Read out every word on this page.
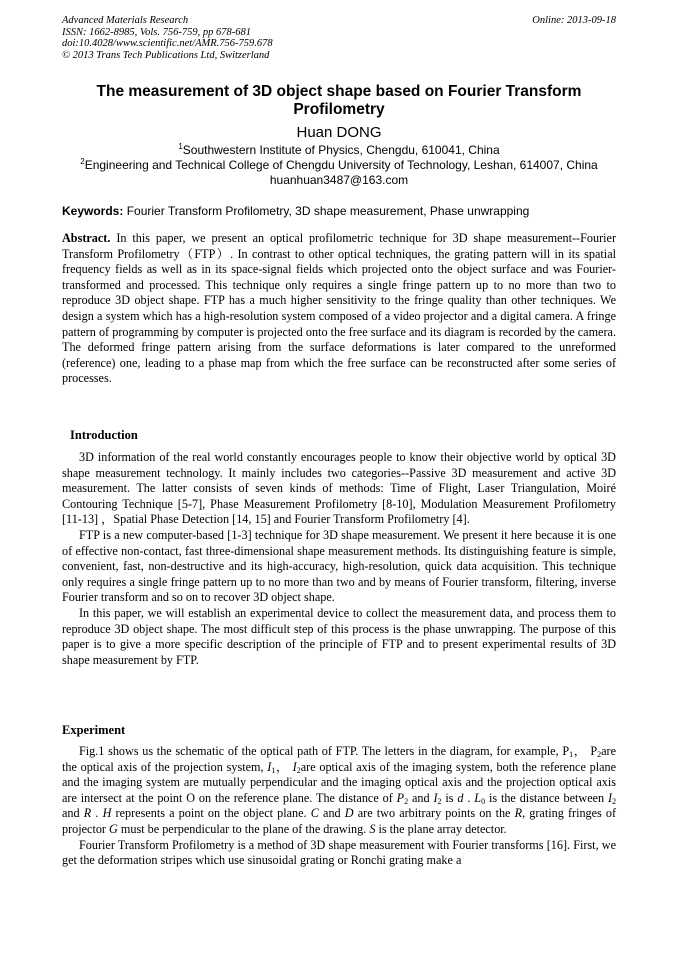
Advanced Materials Research
ISSN: 1662-8985, Vols. 756-759, pp 678-681
doi:10.4028/www.scientific.net/AMR.756-759.678
© 2013 Trans Tech Publications Ltd, Switzerland
Online: 2013-09-18
The measurement of 3D object shape based on Fourier Transform Profilometry
Huan DONG
$^1$Southwestern Institute of Physics, Chengdu, 610041, China
$^2$Engineering and Technical College of Chengdu University of Technology, Leshan, 614007, China
huanhuan3487@163.com
Keywords: Fourier Transform Profilometry, 3D shape measurement, Phase unwrapping

Abstract. In this paper, we present an optical profilometric technique for 3D shape measurement--Fourier Transform Profilometry（FTP）. In contrast to other optical techniques, the grating pattern will in its spatial frequency fields as well as in its space-signal fields which projected onto the object surface and was Fourier-transformed and processed. This technique only requires a single fringe pattern up to no more than two to reproduce 3D object shape. FTP has a much higher sensitivity to the fringe quality than other techniques. We design a system which has a high-resolution system composed of a video projector and a digital camera. A fringe pattern of programming by computer is projected onto the free surface and its diagram is recorded by the camera. The deformed fringe pattern arising from the surface deformations is later compared to the unreformed (reference) one, leading to a phase map from which the free surface can be reconstructed after some series of processes.

Introduction

3D information of the real world constantly encourages people to know their objective world by optical 3D shape measurement technology. It mainly includes two categories--Passive 3D measurement and active 3D measurement. The latter consists of seven kinds of methods: Time of Flight, Laser Triangulation, Moiré Contouring Technique [5-7], Phase Measurement Profilometry [8-10], Modulation Measurement Profilometry [11-13] ，Spatial Phase Detection [14, 15] and Fourier Transform Profilometry [4].

FTP is a new computer-based [1-3] technique for 3D shape measurement. We present it here because it is one of effective non-contact, fast three-dimensional shape measurement methods. Its distinguishing feature is simple, convenient, fast, non-destructive and its high-accuracy, high-resolution, quick data acquisition. This technique only requires a single fringe pattern up to no more than two and by means of Fourier transform, filtering, inverse Fourier transform and so on to recover 3D object shape.

In this paper, we will establish an experimental device to collect the measurement data, and process them to reproduce 3D object shape. The most difficult step of this process is the phase unwrapping. The purpose of this paper is to give a more specific description of the principle of FTP and to present experimental results of 3D shape measurement by FTP.

Experiment

Fig.1 shows us the schematic of the optical path of FTP. The letters in the diagram, for example, $P_1$， $P_2are$ the optical axis of the projection system, $I_1$， $I_2are$ optical axis of the imaging system, both the reference plane and the imaging system are mutually perpendicular and the imaging optical axis and the projection optical axis are intersect at the point O on the reference plane. The distance of $P_2$ and $I_2$ is d . $L_0$ is the distance between $I_2$ and R . H represents a point on the object plane. C and D are two arbitrary points on the R, grating fringes of projector G must be perpendicular to the plane of the drawing. S is the plane array detector.

Fourier Transform Profilometry is a method of 3D shape measurement with Fourier transforms [16]. First, we get the deformation stripes which use sinusoidal grating or Ronchi grating make a
